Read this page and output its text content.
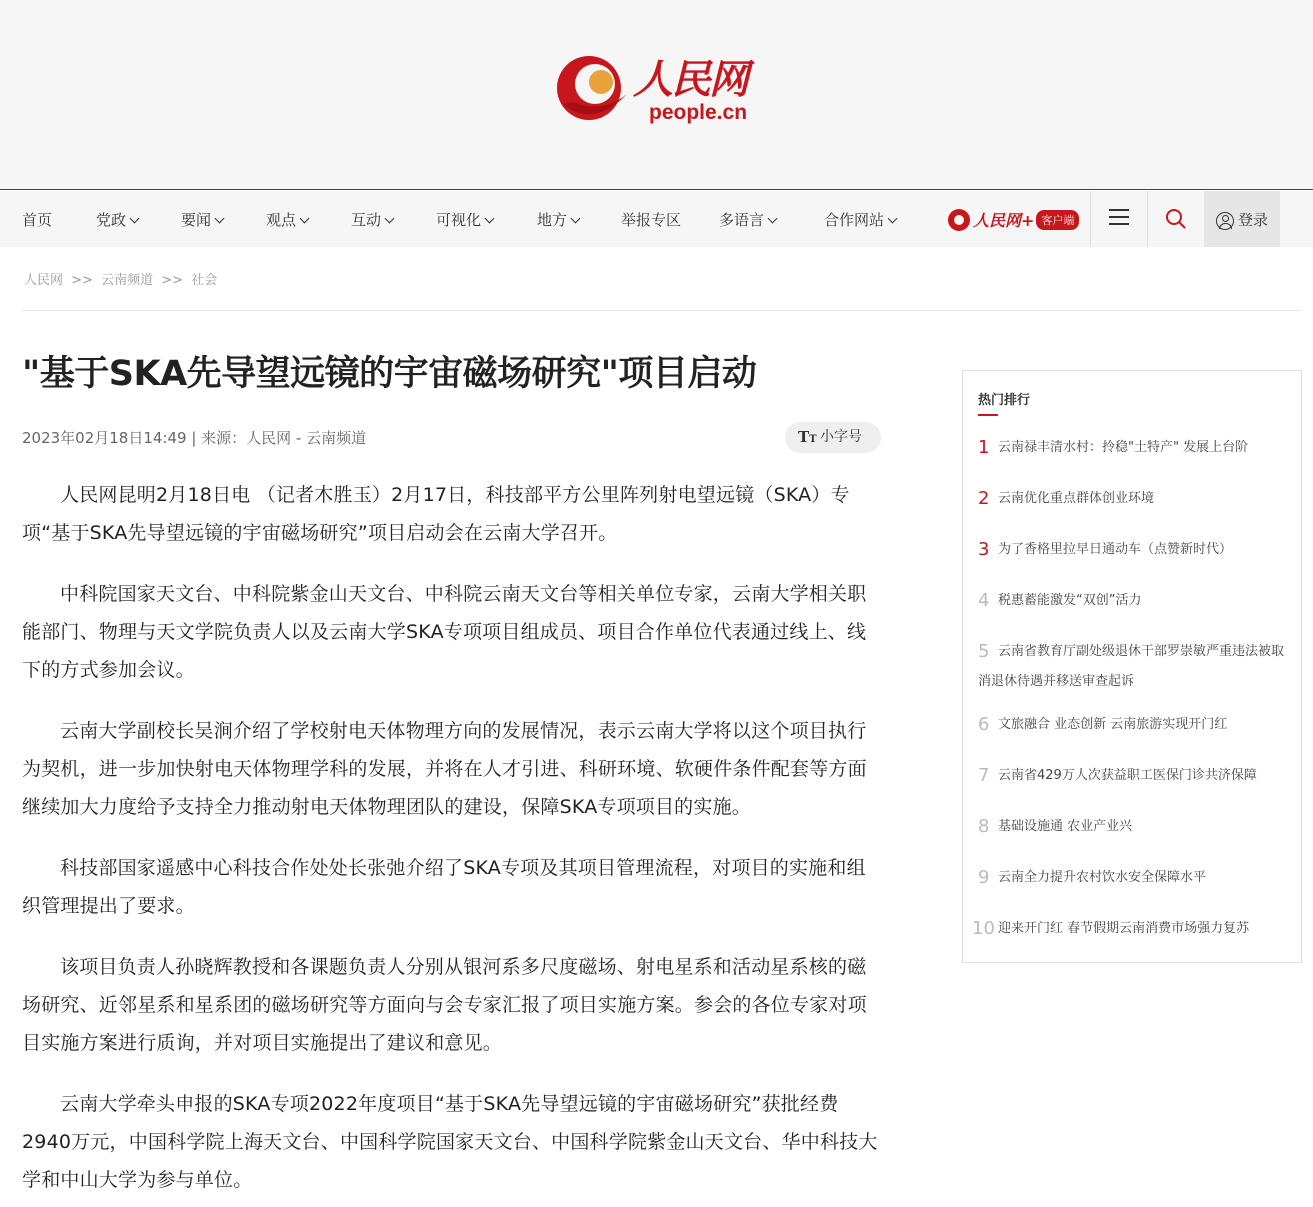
人民网
people.cn
首页	党政	要闻	观点	互动	可视化	地方	举报专区	多语言	合作网站	人民网+ 客户端	登录
人民网 >> 云南频道 >> 社会
"基于SKA先导望远镜的宇宙磁场研究"项目启动
2023年02月18日14:49 | 来源：人民网 - 云南频道	TT 小字号

人民网昆明2月18日电 （记者木胜玉）2月17日，科技部平方公里阵列射电望远镜（SKA）专项“基于SKA先导望远镜的宇宙磁场研究”项目启动会在云南大学召开。

中科院国家天文台、中科院紫金山天文台、中科院云南天文台等相关单位专家，云南大学相关职能部门、物理与天文学院负责人以及云南大学SKA专项项目组成员、项目合作单位代表通过线上、线下的方式参加会议。

云南大学副校长吴涧介绍了学校射电天体物理方向的发展情况，表示云南大学将以这个项目执行为契机，进一步加快射电天体物理学科的发展，并将在人才引进、科研环境、软硬件条件配套等方面继续加大力度给予支持全力推动射电天体物理团队的建设，保障SKA专项项目的实施。

科技部国家遥感中心科技合作处处长张弛介绍了SKA专项及其项目管理流程，对项目的实施和组织管理提出了要求。

该项目负责人孙晓辉教授和各课题负责人分别从银河系多尺度磁场、射电星系和活动星系核的磁场研究、近邻星系和星系团的磁场研究等方面向与会专家汇报了项目实施方案。参会的各位专家对项目实施方案进行质询，并对项目实施提出了建议和意见。

云南大学牵头申报的SKA专项2022年度项目“基于SKA先导望远镜的宇宙磁场研究”获批经费2940万元，中国科学院上海天文台、中国科学院国家天文台、中国科学院紫金山天文台、华中科技大学和中山大学为参与单位。

热门排行
1 云南禄丰清水村：拎稳"土特产" 发展上台阶
2 云南优化重点群体创业环境
3 为了香格里拉早日通动车（点赞新时代）
4 税惠蓄能激发“双创”活力
5 云南省教育厅副处级退休干部罗崇敏严重违法被取消退休待遇并移送审查起诉
6 文旅融合 业态创新 云南旅游实现开门红
7 云南省429万人次获益职工医保门诊共济保障
8 基础设施通 农业产业兴
9 云南全力提升农村饮水安全保障水平
10 迎来开门红 春节假期云南消费市场强力复苏
